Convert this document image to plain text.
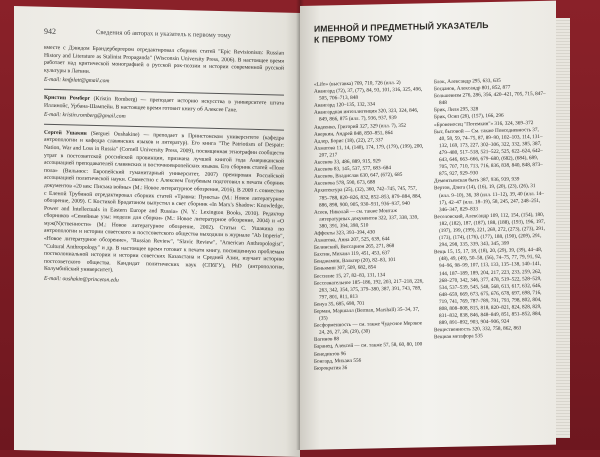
942	Сведения об авторах и указатель к первому тому

вместе с Дэвидом Брандербергером отредактировал сборник статей "Epic Revisionism: Russian History and Literature as Stalinist Propaganda" (Wisconsin University Press, 2006). В настоящее время работает над критической монографией о русской рок-поэзии и истории современной русской культуры в Латвии.

E-mail: kmfplatt@gmail.com

Кристин Ромберг (Kristin Romberg) — преподает историю искусства в университете штата Иллинойс, Урбана-Шампейн. В настоящее время готовит книгу об Алексее Гане.

E-mail: kristin.romberg@gmail.com

Сергей Ушакин (Serguei Oushakine) — преподает в Принстонском университете (кафедра антропологии и кафедра славянских языков и литератур). Его книга "The Patriotism of Despair: Nation, War and Loss in Russia" (Cornell University Press, 2009), посвященная этнографии сообществ утрат в постсоветской российской провинции, признана лучшей книгой года Американской ассоциацией преподавателей славянских и восточноевропейских языков. Его сборник статей «Поле пола» (Вильнюс: Европейский гуманитарный университет, 2007) премирован Российской ассоциацией политической науки. Совместно с Алексеем Голубевым подготовил к печати сборник документов «20 век: Письма войны» (М.: Новое литературное обозрение, 2016). В 2009 г. совместно с Еленой Трубиной отредактировал сборник статей «Травма: Пункты» (М.: Новое литературное обозрение, 2009). С Костикой Брадатаном выпустил в свет сборник «In Marx's Shadow: Knowledge, Power and Intellectuals in Eastern Europe and Russia» (N. Y.: Lexington Books, 2010). Редактор сборников «Семейные узы: модели для сборки» (М.: Новое литературное обозрение, 2004) и «О муж(N)ственности» (М.: Новое литературное обозрение, 2002). Статьи С. Ушакина по антропологии и истории советского и постсоветского общества выходили в журнале "Ab Imperio", «Новое литературное обозрение», "Russian Review", "Slavic Review", "American Anthropologist", "Cultural Anthropology" и др. В настоящее время готовит к печати книгу, посвященную проблемам постколониальной истории и истории советских Казахстана и Средней Азии, изучает историю постсоветского общества. Кандидат политических наук (СПбГУ), PhD (антропология, Колумбийский университет).

E-mail: oushakin@princeton.edu

ИМЕННОЙ И ПРЕДМЕТНЫЙ УКАЗАТЕЛЬ
К ПЕРВОМУ ТОМУ

«Lifo» (выставка) 709, 710, 726 (илл. 2)

Авангард (72), 37, (77), 84, 93, 101, 316, 325, 496, 505, 706–713, 848

Авангард 120–135, 132, 334

Авангардная интеллигенция 320, 323, 324, 846, 849, 866, 875 (илл. 7), 936, 937, 939

Авдеенко, Григорий 327, 329 (илл. 7), 352

Аверкин, Андрей 848, 850–851, 864

Адлер, Борис (18), (22), 27, 337

Ахматова 11, 14, (140), 174, 179, (179), (199), 200, 207, 217

Аксенов 33, 486, 889, 915, 929

Аксенов 83, 145, 537, 577, 683–684

Аксенов, Владислав 630, 647, (672), 685

Аксенова 578, 590, 673, 688

Архитектура (25), (32), 360, 742–745, 745, 757, 785–788, 820–826, 832, 852–853, 879–884, 884, 886, 898, 900, 905, 930–931, 936–937, 940

Асеев, Николай — см. также Монтаж литературных документов 322, 337, 338, 339, 380, 391, 394, 398, 510

Аффекты 323, 393–394, 430

Ахматова, Анна 207, 525, 639, 644

Белинский, Виссарион 265, 271, 868

Бахтин, Михаил 119, 451, 453, 637

Бенджамин, Вальтер (20), 82–83, 101

Беньямин 307, 509, 682, 854

Бессилие 15, 27, 82–83, 131, 134

Бессознательное 185–186, 192, 203, 217–218, 226, 263, 342, 354, 375, 379–380, 387, 391, 743, 789, 797, 801, 811, 813

Бенуа 35, 685, 698, 701

Берман, Маршалл (Berman, Marshall) 35–34, 37, (35)

Бесформенность — см. также Чудесное Мерзкое 24, 26, 27, 28, (29), (30)

Вагинов 88

Баранец, Алексей — см. также 57, 58, 60, 80, 100

Бенедиктов 96

Бонгард, Михаил 556

Бюрократия 36

Блок, Александр 295, 633, 635

Богданов, Александр 801, 852, 877

Большевизм 276, 286, 356, 420–421, 705, 715, 847–848

Брик, Лиля 295, 328

Брик, Осип (26), (157), 166, 296

«Броненосец "Потемкин"» 316, 324, 369–372

Быт, бытовой — См. также Повседневность 37, 40, 58, 59, 74–75, 87, 89–90, 102–103, 114, 131–132, 169, 173, 227, 302–306, 322, 332, 385, 387, 479–480, 517–518, 521–522, 525, 622–624, 642–643, 646, 663–666, 679–680, (682), (684), 689, 705, 707, 710, 713, 716, 836, 838, 840, 848, 873–875, 927, 929–930

Дементьевская быть 387, 936, 939, 939

Вертов, Дзига (14), (16), 19, (20), (23), (26), 31 (илл. 9–10), 36, 38 (илл. 11–12), 39, 40 (илл. 14–17), 42–47 (илл. 18–19), 58, 245, 247, 248–251, 346–347, 829–833

Веселовский, Александр 109, 112, 154, (154), 180, 182, (182), 187, (187), 188, (188), (193), 196, 197, (197), 199, (199), 221, 269, 272, (273), (273), 291, (173), (174), (176), (177), 188, (190), (209), 291, 294, 298, 335, 339, 343, 345, 399

Вещь 15, 15, 17, 18, (18), 20, (29), 39, (39), 44–48, (48), 49, (49), 50–58, (56), 74–75, 77, 79, 91, 92, 94–96, 98–99, 107, 113, 133, 135–138, 140–141, 144, 187–189, 189, 204, 217, 223, 233, 259, 262, 268–270, 342, 346, 377, 478, 519–522, 528–529, 534, 537–539, 545, 548, 568, 613, 617, 632, 646, 648–659, 669, 673, 675, 676, 678, 697, 698, 716, 719, 741, 769, 787–789, 791, 793, 798, 802, 804, 808, 808–808, 815, 818, 820–821, 824, 828, 829, 831–832, 838, 846, 848–849, 851, 851–852, 884, 889, 891–892, 903, 904–906, 924

Вещественность 320, 332, 758, 862, 863

Вещная метафора 535
